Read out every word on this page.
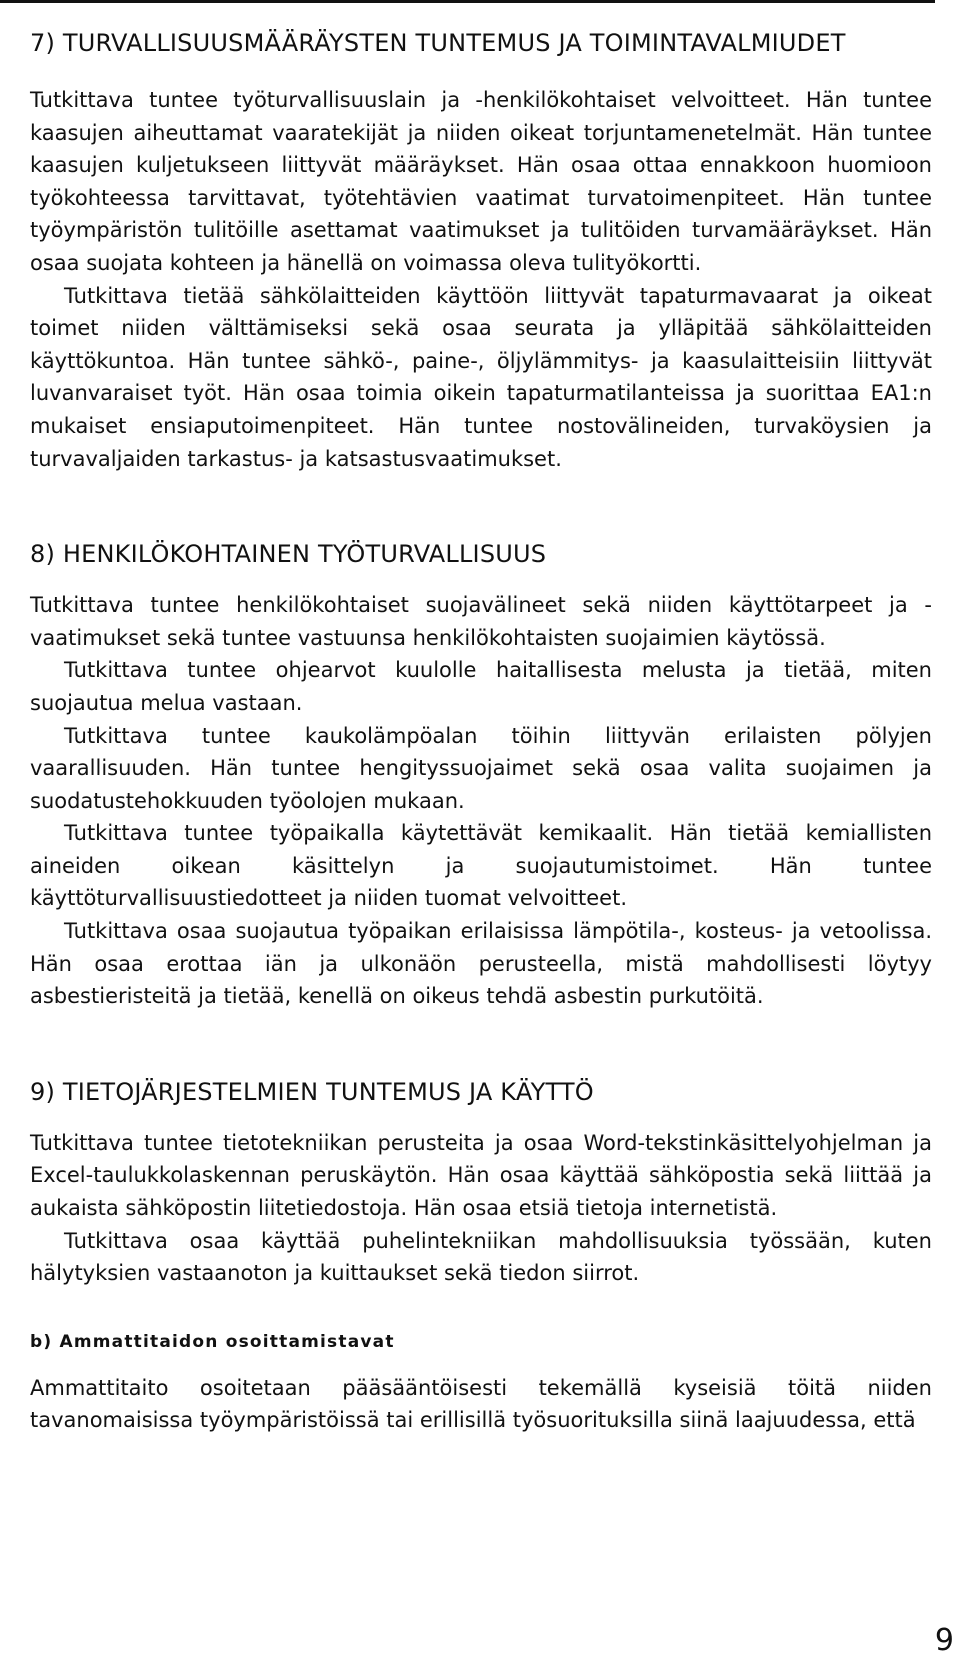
7) TURVALLISUUSMÄÄRÄYSTEN TUNTEMUS JA TOIMINTAVALMIUDET

Tutkittava tuntee työturvallisuuslain ja -henkilökohtaiset velvoitteet. Hän tuntee kaasujen aiheuttamat vaaratekijät ja niiden oikeat torjuntamenetelmät. Hän tuntee kaasujen kuljetukseen liittyvät määräykset. Hän osaa ottaa ennakkoon huomioon työkohteessa tarvittavat, työtehtävien vaatimat turvatoimenpiteet. Hän tuntee työympäristön tulitöille asettamat vaatimukset ja tulitöiden turvamääräykset. Hän osaa suojata kohteen ja hänellä on voimassa oleva tulityökortti.

Tutkittava tietää sähkölaitteiden käyttöön liittyvät tapaturmavaarat ja oikeat toimet niiden välttämiseksi sekä osaa seurata ja ylläpitää sähkölaitteiden käyttökuntoa. Hän tuntee sähkö-, paine-, öljylämmitys- ja kaasulaitteisiin liittyvät luvanvaraiset työt. Hän osaa toimia oikein tapaturmatilanteissa ja suorittaa EA1:n mukaiset ensiaputoimenpiteet. Hän tuntee nostovälineiden, turvaköysien ja turvavaljaiden tarkastus- ja katsastusvaatimukset.

8) HENKILÖKOHTAINEN TYÖTURVALLISUUS

Tutkittava tuntee henkilökohtaiset suojavälineet sekä niiden käyttötarpeet ja -vaatimukset sekä tuntee vastuunsa henkilökohtaisten suojaimien käytössä.

Tutkittava tuntee ohjearvot kuulolle haitallisesta melusta ja tietää, miten suojautua melua vastaan.

Tutkittava tuntee kaukolämpöalan töihin liittyvän erilaisten pölyjen vaarallisuuden. Hän tuntee hengityssuojaimet sekä osaa valita suojaimen ja suodatustehokkuuden työolojen mukaan.

Tutkittava tuntee työpaikalla käytettävät kemikaalit. Hän tietää kemiallisten aineiden oikean käsittelyn ja suojautumistoimet. Hän tuntee käyttöturvallisuustiedotteet ja niiden tuomat velvoitteet.

Tutkittava osaa suojautua työpaikan erilaisissa lämpötila-, kosteus- ja vetoolissa. Hän osaa erottaa iän ja ulkonäön perusteella, mistä mahdollisesti löytyy asbestieristeitä ja tietää, kenellä on oikeus tehdä asbestin purkutöitä.

9) TIETOJÄRJESTELMIEN TUNTEMUS JA KÄYTTÖ

Tutkittava tuntee tietotekniikan perusteita ja osaa Word-tekstinkäsittelyohjelman ja Excel-taulukkolaskennan peruskäytön. Hän osaa käyttää sähköpostia sekä liittää ja aukaista sähköpostin liitetiedostoja. Hän osaa etsiä tietoja internetistä.

Tutkittava osaa käyttää puhelintekniikan mahdollisuuksia työssään, kuten hälytyksien vastaanoton ja kuittaukset sekä tiedon siirrot.

b) Ammattitaidon osoittamistavat

Ammattitaito osoitetaan pääsääntöisesti tekemällä kyseisiä töitä niiden tavanomaisissa työympäristöissä tai erillisillä työsuorituksilla siinä laajuudessa, että

9
